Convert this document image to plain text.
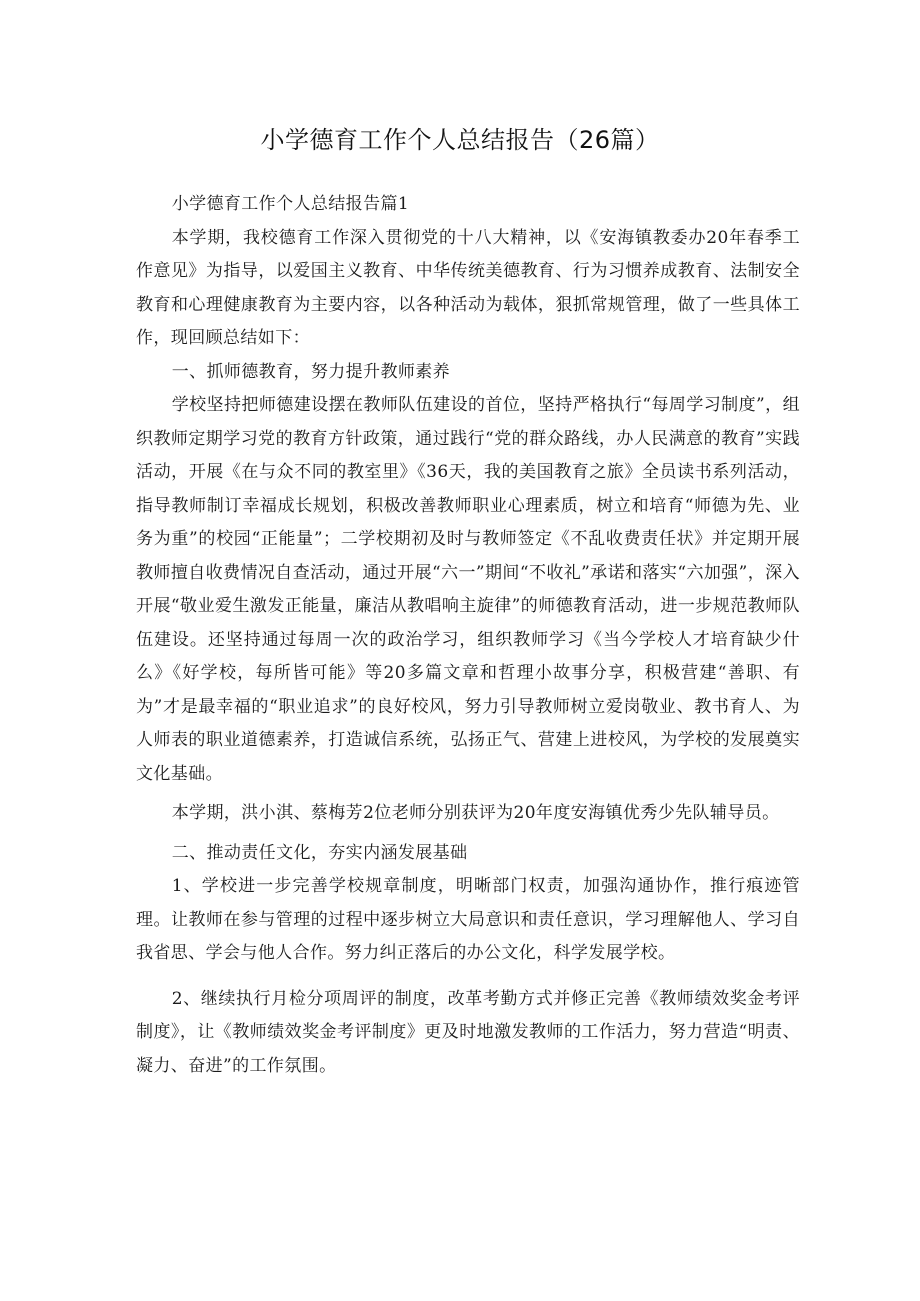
小学德育工作个人总结报告（26篇）

小学德育工作个人总结报告篇1

本学期，我校德育工作深入贯彻党的十八大精神，以《安海镇教委办20年春季工作意见》为指导，以爱国主义教育、中华传统美德教育、行为习惯养成教育、法制安全教育和心理健康教育为主要内容，以各种活动为载体，狠抓常规管理，做了一些具体工作，现回顾总结如下：

一、抓师德教育，努力提升教师素养

学校坚持把师德建设摆在教师队伍建设的首位，坚持严格执行“每周学习制度”，组织教师定期学习党的教育方针政策，通过践行“党的群众路线，办人民满意的教育”实践活动，开展《在与众不同的教室里》《36天，我的美国教育之旅》全员读书系列活动，指导教师制订幸福成长规划，积极改善教师职业心理素质，树立和培育“师德为先、业务为重”的校园“正能量”；二学校期初及时与教师签定《不乱收费责任状》并定期开展教师擅自收费情况自查活动，通过开展“六一”期间“不收礼”承诺和落实“六加强”，深入开展“敬业爱生激发正能量，廉洁从教唱响主旋律”的师德教育活动，进一步规范教师队伍建设。还坚持通过每周一次的政治学习，组织教师学习《当今学校人才培育缺少什么》《好学校，每所皆可能》等20多篇文章和哲理小故事分享，积极营建“善职、有为”才是最幸福的“职业追求”的良好校风，努力引导教师树立爱岗敬业、教书育人、为人师表的职业道德素养，打造诚信系统，弘扬正气、营建上进校风，为学校的发展奠实文化基础。

本学期，洪小淇、蔡梅芳2位老师分别获评为20年度安海镇优秀少先队辅导员。

二、推动责任文化，夯实内涵发展基础

1、学校进一步完善学校规章制度，明晰部门权责，加强沟通协作，推行痕迹管理。让教师在参与管理的过程中逐步树立大局意识和责任意识，学习理解他人、学习自我省思、学会与他人合作。努力纠正落后的办公文化，科学发展学校。

2、继续执行月检分项周评的制度，改革考勤方式并修正完善《教师绩效奖金考评制度》，让《教师绩效奖金考评制度》更及时地激发教师的工作活力，努力营造“明责、凝力、奋进”的工作氛围。
